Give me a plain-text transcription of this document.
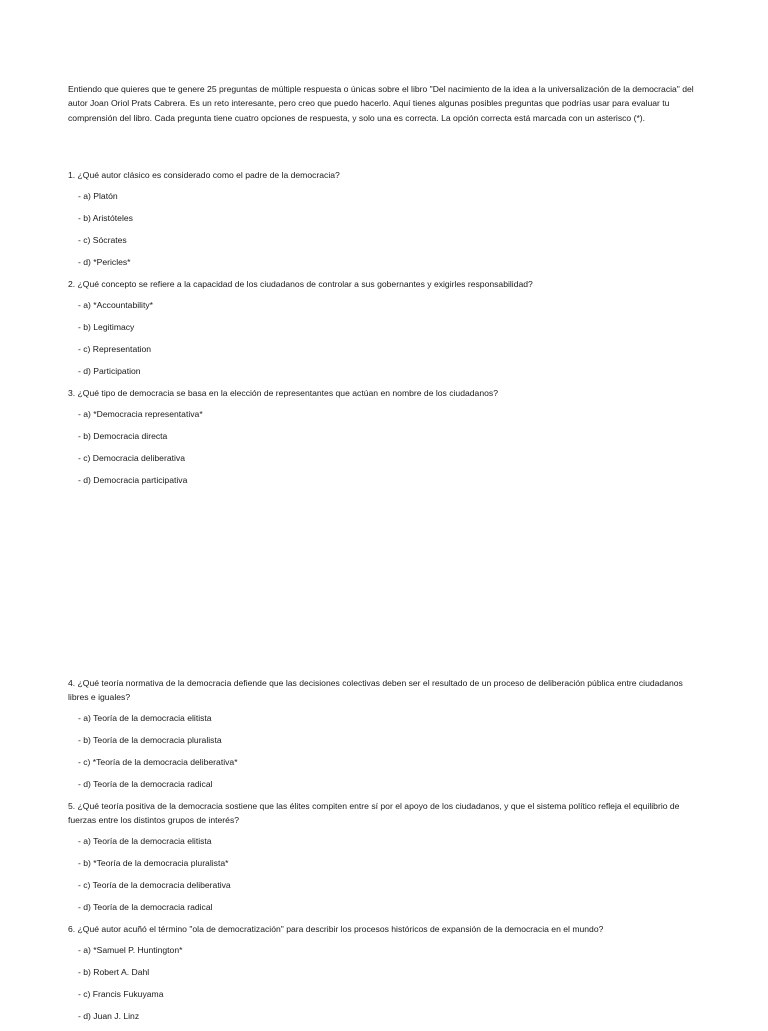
Entiendo que quieres que te genere 25 preguntas de múltiple respuesta o únicas sobre el libro "Del nacimiento de la idea a la universalización de la democracia" del autor Joan Oriol Prats Cabrera. Es un reto interesante, pero creo que puedo hacerlo. Aquí tienes algunas posibles preguntas que podrías usar para evaluar tu comprensión del libro. Cada pregunta tiene cuatro opciones de respuesta, y solo una es correcta. La opción correcta está marcada con un asterisco (*).

1. ¿Qué autor clásico es considerado como el padre de la democracia?

- a) Platón

- b) Aristóteles

- c) Sócrates

- d) *Pericles*

2. ¿Qué concepto se refiere a la capacidad de los ciudadanos de controlar a sus gobernantes y exigirles responsabilidad?

- a) *Accountability*

- b) Legitimacy

- c) Representation

- d) Participation

3. ¿Qué tipo de democracia se basa en la elección de representantes que actúan en nombre de los ciudadanos?

- a) *Democracia representativa*

- b) Democracia directa

- c) Democracia deliberativa

- d) Democracia participativa

4. ¿Qué teoría normativa de la democracia defiende que las decisiones colectivas deben ser el resultado de un proceso de deliberación pública entre ciudadanos libres e iguales?

- a) Teoría de la democracia elitista

- b) Teoría de la democracia pluralista

- c) *Teoría de la democracia deliberativa*

- d) Teoría de la democracia radical

5. ¿Qué teoría positiva de la democracia sostiene que las élites compiten entre sí por el apoyo de los ciudadanos, y que el sistema político refleja el equilibrio de fuerzas entre los distintos grupos de interés?

- a) Teoría de la democracia elitista

- b) *Teoría de la democracia pluralista*

- c) Teoría de la democracia deliberativa

- d) Teoría de la democracia radical

6. ¿Qué autor acuñó el término "ola de democratización" para describir los procesos históricos de expansión de la democracia en el mundo?

- a) *Samuel P. Huntington*

- b) Robert A. Dahl

- c) Francis Fukuyama

- d) Juan J. Linz
